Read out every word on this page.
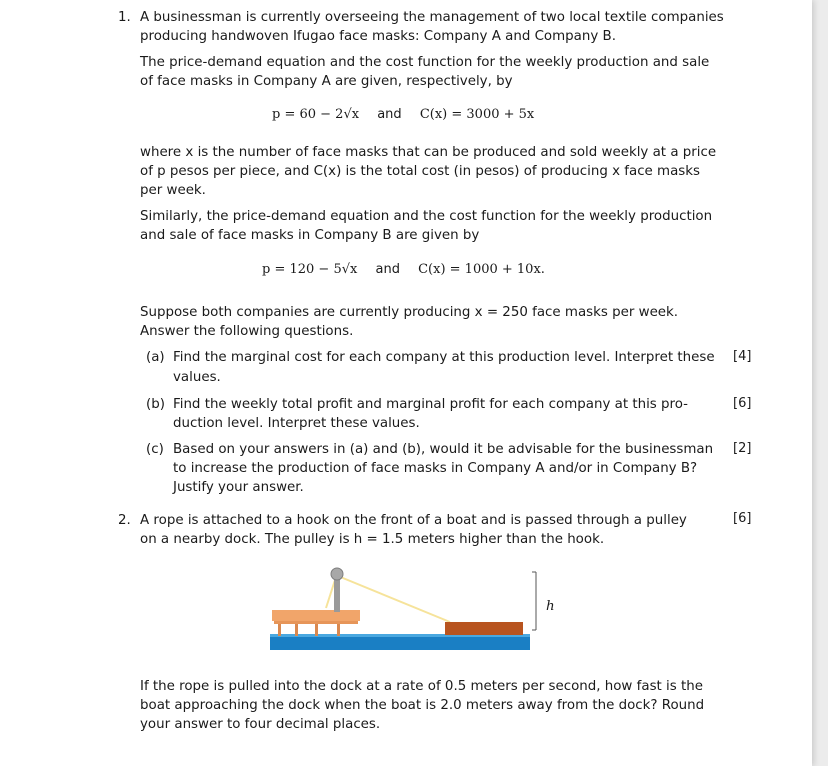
1. A businessman is currently overseeing the management of two local textile companies
producing handwoven Ifugao face masks: Company A and Company B.
The price-demand equation and the cost function for the weekly production and sale
of face masks in Company A are given, respectively, by
p = 60 − 2√x and C(x) = 3000 + 5x
where x is the number of face masks that can be produced and sold weekly at a price
of p pesos per piece, and C(x) is the total cost (in pesos) of producing x face masks
per week.
Similarly, the price-demand equation and the cost function for the weekly production
and sale of face masks in Company B are given by
p = 120 − 5√x and C(x) = 1000 + 10x.
Suppose both companies are currently producing x = 250 face masks per week.
Answer the following questions.
(a) Find the marginal cost for each company at this production level. Interpret these
values.
[4]
(b) Find the weekly total profit and marginal profit for each company at this pro-
duction level. Interpret these values.
[6]
(c) Based on your answers in (a) and (b), would it be advisable for the businessman
to increase the production of face masks in Company A and/or in Company B?
Justify your answer.
[2]
2. A rope is attached to a hook on the front of a boat and is passed through a pulley
on a nearby dock. The pulley is h = 1.5 meters higher than the hook.
[6]
h
If the rope is pulled into the dock at a rate of 0.5 meters per second, how fast is the
boat approaching the dock when the boat is 2.0 meters away from the dock? Round
your answer to four decimal places.
